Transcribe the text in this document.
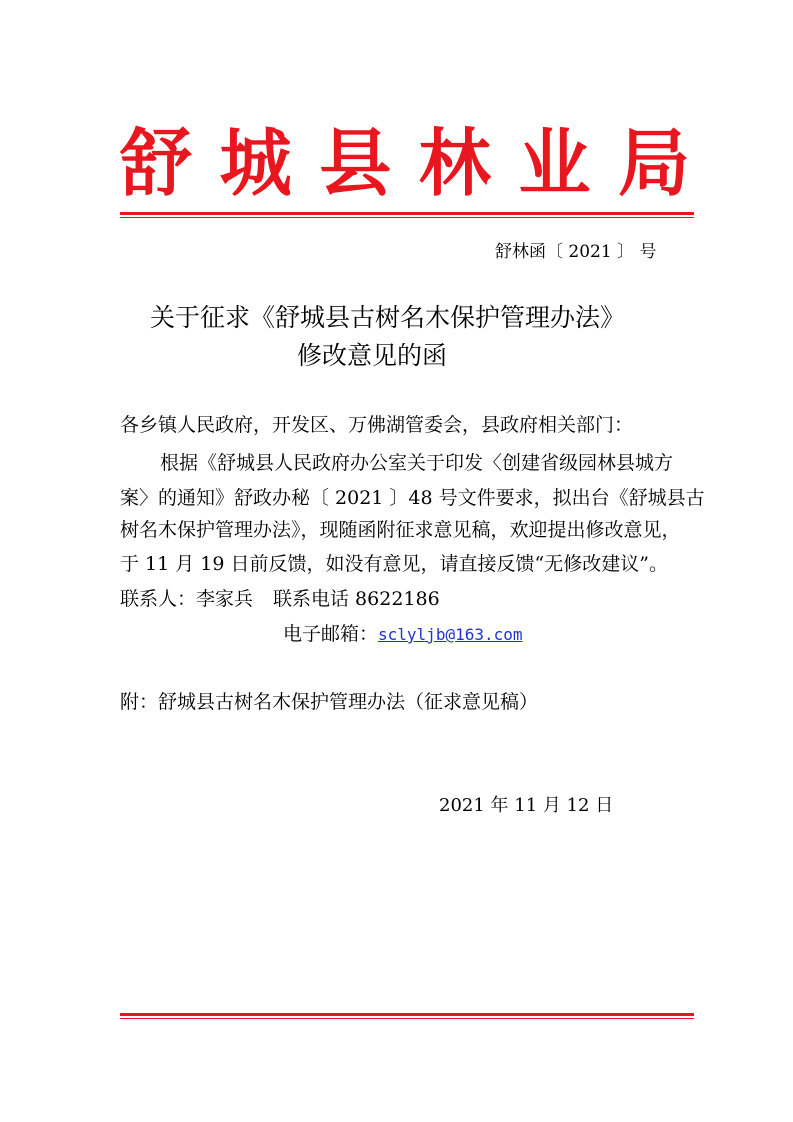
舒 城 县 林 业 局
舒林函〔 2021 〕 号
关于征求《舒城县古树名木保护管理办法》
修改意见的函
各乡镇人民政府，开发区、万佛湖管委会，县政府相关部门：
根据《舒城县人民政府办公室关于印发〈创建省级园林县城方
案〉的通知》舒政办秘〔 2021 〕48 号文件要求，拟出台《舒城县古
树名木保护管理办法》，现随函附征求意见稿，欢迎提出修改意见，
于 11 月 19 日前反馈，如没有意见，请直接反馈“无修改建议”。
联系人：李家兵 联系电话 8622186
电子邮箱：sclyljb@163.com
附：舒城县古树名木保护管理办法（征求意见稿）
2021 年 11 月 12 日
